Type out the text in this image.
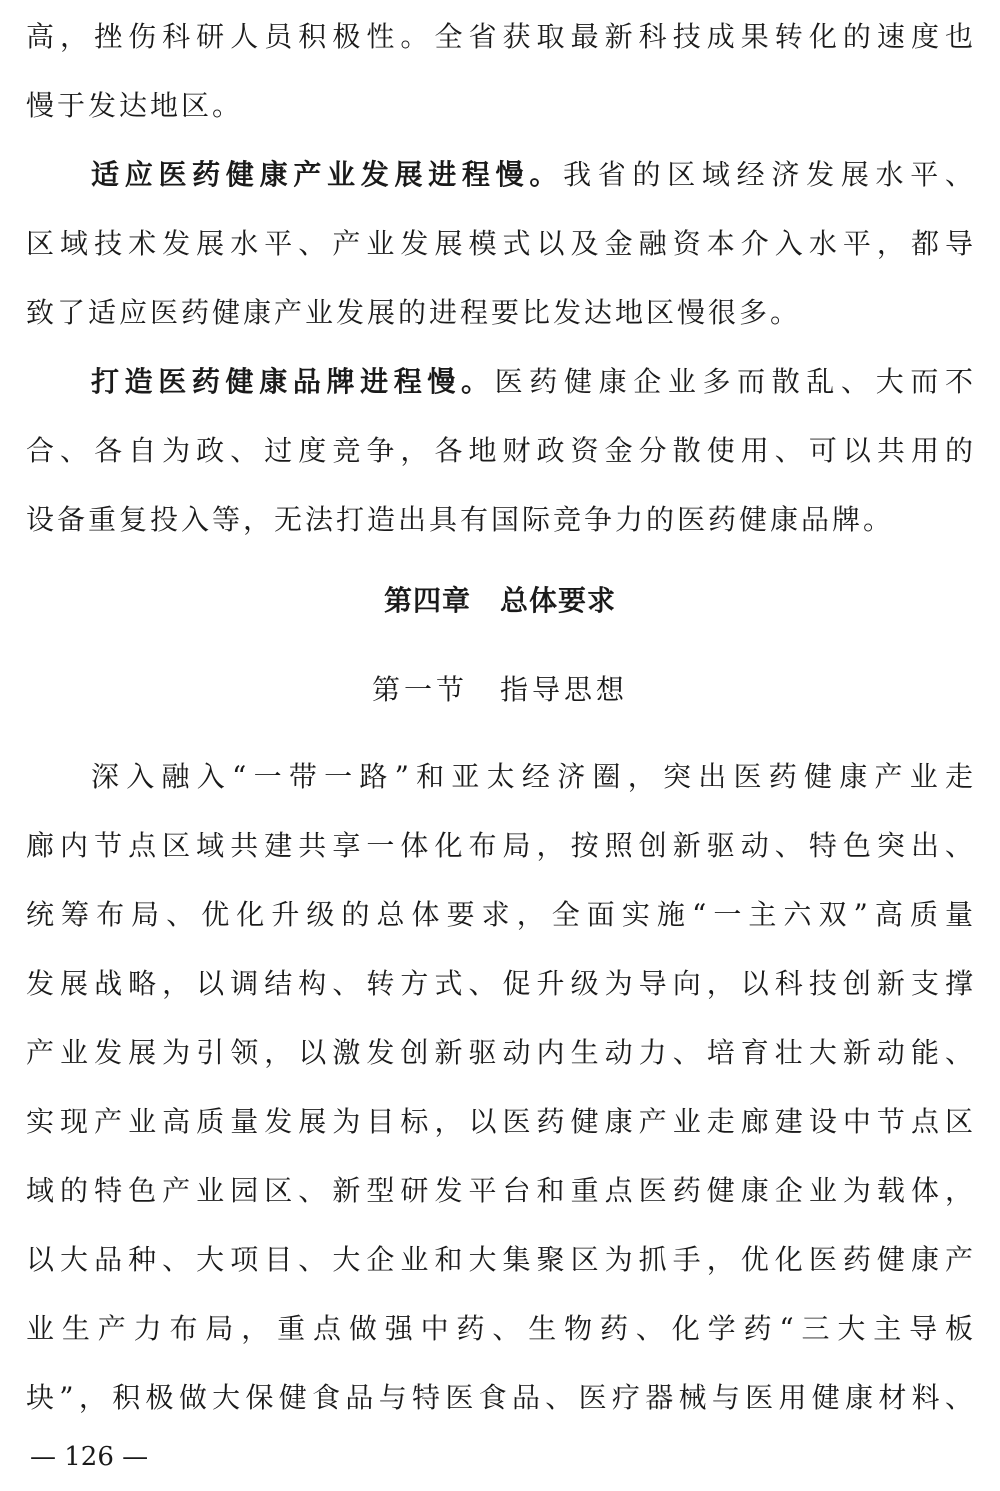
高，挫伤科研人员积极性。全省获取最新科技成果转化的速度也
慢于发达地区。
适应医药健康产业发展进程慢。我省的区域经济发展水平、
区域技术发展水平、产业发展模式以及金融资本介入水平，都导
致了适应医药健康产业发展的进程要比发达地区慢很多。
打造医药健康品牌进程慢。医药健康企业多而散乱、大而不
合、各自为政、过度竞争，各地财政资金分散使用、可以共用的
设备重复投入等，无法打造出具有国际竞争力的医药健康品牌。
第四章　总体要求
第一节　指导思想
深入融入“一带一路”和亚太经济圈，突出医药健康产业走
廊内节点区域共建共享一体化布局，按照创新驱动、特色突出、
统筹布局、优化升级的总体要求，全面实施“一主六双”高质量
发展战略，以调结构、转方式、促升级为导向，以科技创新支撑
产业发展为引领，以激发创新驱动内生动力、培育壮大新动能、
实现产业高质量发展为目标，以医药健康产业走廊建设中节点区
域的特色产业园区、新型研发平台和重点医药健康企业为载体，
以大品种、大项目、大企业和大集聚区为抓手，优化医药健康产
业生产力布局，重点做强中药、生物药、化学药“三大主导板
块”，积极做大保健食品与特医食品、医疗器械与医用健康材料、
— 126 —
